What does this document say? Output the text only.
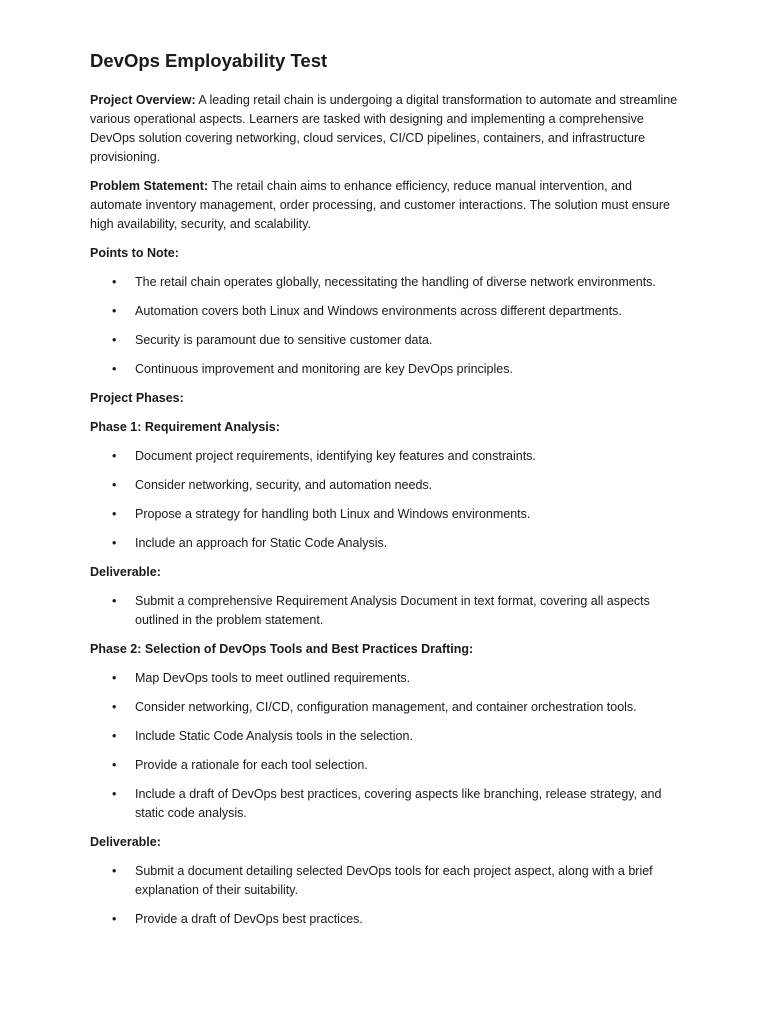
DevOps Employability Test

Project Overview: A leading retail chain is undergoing a digital transformation to automate and streamline various operational aspects. Learners are tasked with designing and implementing a comprehensive DevOps solution covering networking, cloud services, CI/CD pipelines, containers, and infrastructure provisioning.

Problem Statement: The retail chain aims to enhance efficiency, reduce manual intervention, and automate inventory management, order processing, and customer interactions. The solution must ensure high availability, security, and scalability.

Points to Note:

• The retail chain operates globally, necessitating the handling of diverse network environments.
• Automation covers both Linux and Windows environments across different departments.
• Security is paramount due to sensitive customer data.
• Continuous improvement and monitoring are key DevOps principles.

Project Phases:

Phase 1: Requirement Analysis:

• Document project requirements, identifying key features and constraints.
• Consider networking, security, and automation needs.
• Propose a strategy for handling both Linux and Windows environments.
• Include an approach for Static Code Analysis.

Deliverable:

• Submit a comprehensive Requirement Analysis Document in text format, covering all aspects outlined in the problem statement.

Phase 2: Selection of DevOps Tools and Best Practices Drafting:

• Map DevOps tools to meet outlined requirements.
• Consider networking, CI/CD, configuration management, and container orchestration tools.
• Include Static Code Analysis tools in the selection.
• Provide a rationale for each tool selection.
• Include a draft of DevOps best practices, covering aspects like branching, release strategy, and static code analysis.

Deliverable:

• Submit a document detailing selected DevOps tools for each project aspect, along with a brief explanation of their suitability.
• Provide a draft of DevOps best practices.
